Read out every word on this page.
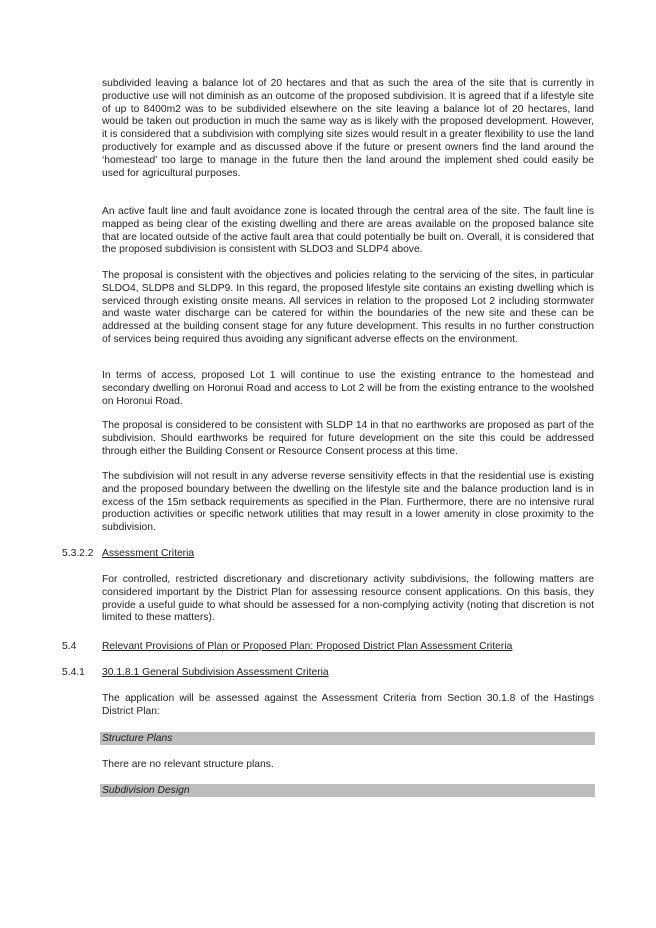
subdivided leaving a balance lot of 20 hectares and that as such the area of the site that is currently in productive use will not diminish as an outcome of the proposed subdivision. It is agreed that if a lifestyle site of up to 8400m2 was to be subdivided elsewhere on the site leaving a balance lot of 20 hectares, land would be taken out production in much the same way as is likely with the proposed development. However, it is considered that a subdivision with complying site sizes would result in a greater flexibility to use the land productively for example and as discussed above if the future or present owners find the land around the ‘homestead’ too large to manage in the future then the land around the implement shed could easily be used for agricultural purposes.

An active fault line and fault avoidance zone is located through the central area of the site. The fault line is mapped as being clear of the existing dwelling and there are areas available on the proposed balance site that are located outside of the active fault area that could potentially be built on. Overall, it is considered that the proposed subdivision is consistent with SLDO3 and SLDP4 above.

The proposal is consistent with the objectives and policies relating to the servicing of the sites, in particular SLDO4, SLDP8 and SLDP9. In this regard, the proposed lifestyle site contains an existing dwelling which is serviced through existing onsite means. All services in relation to the proposed Lot 2 including stormwater and waste water discharge can be catered for within the boundaries of the new site and these can be addressed at the building consent stage for any future development. This results in no further construction of services being required thus avoiding any significant adverse effects on the environment.

In terms of access, proposed Lot 1 will continue to use the existing entrance to the homestead and secondary dwelling on Horonui Road and access to Lot 2 will be from the existing entrance to the woolshed on Horonui Road.

The proposal is considered to be consistent with SLDP 14 in that no earthworks are proposed as part of the subdivision. Should earthworks be required for future development on the site this could be addressed through either the Building Consent or Resource Consent process at this time.

The subdivision will not result in any adverse reverse sensitivity effects in that the residential use is existing and the proposed boundary between the dwelling on the lifestyle site and the balance production land is in excess of the 15m setback requirements as specified in the Plan. Furthermore, there are no intensive rural production activities or specific network utilities that may result in a lower amenity in close proximity to the subdivision.

5.3.2.2 Assessment Criteria

For controlled, restricted discretionary and discretionary activity subdivisions, the following matters are considered important by the District Plan for assessing resource consent applications. On this basis, they provide a useful guide to what should be assessed for a non-complying activity (noting that discretion is not limited to these matters).

5.4 Relevant Provisions of Plan or Proposed Plan: Proposed District Plan Assessment Criteria
5.4.1 30.1.8.1 General Subdivision Assessment Criteria

The application will be assessed against the Assessment Criteria from Section 30.1.8 of the Hastings District Plan:

Structure Plans

There are no relevant structure plans.

Subdivision Design
